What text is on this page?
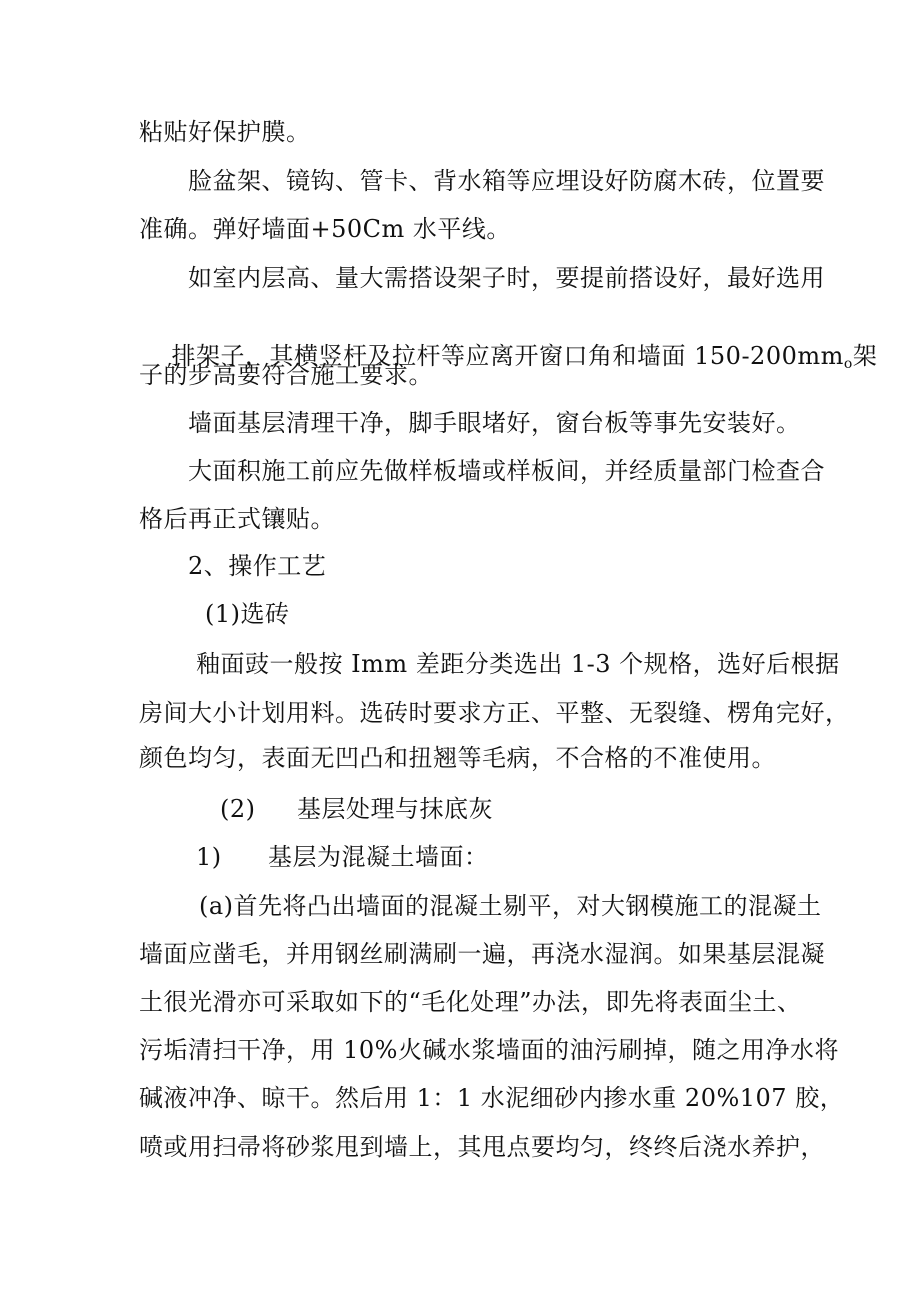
粘贴好保护膜。
脸盆架、镜钩、管卡、背水箱等应埋设好防腐木砖，位置要
准确。弹好墙面+50Cm 水平线。
如室内层高、量大需搭设架子时，要提前搭设好，最好选用

排架子，其横竖杆及拉杆等应离开窗口角和墙面 $150-200mm_o$架

子的步高要符合施工要求。
墙面基层清理干净，脚手眼堵好，窗台板等事先安装好。
大面积施工前应先做样板墙或样板间，并经质量部门检查合
格后再正式镶贴。
2、操作工艺
(1)选砖
釉面豉一般按 Imm 差距分类选出 1-3 个规格，选好后根据
房间大小计划用料。选砖时要求方正、平整、无裂缝、楞角完好，
颜色均匀，表面无凹凸和扭翘等毛病，不合格的不准使用。
(2) 基层处理与抹底灰
1) 基层为混凝土墙面：
(a)首先将凸出墙面的混凝土剔平，对大钢模施工的混凝土
墙面应凿毛，并用钢丝刷满刷一遍，再浇水湿润。如果基层混凝
土很光滑亦可采取如下的“毛化处理”办法，即先将表面尘土、
污垢清扫干净，用 10%火碱水浆墙面的油污刷掉，随之用净水将
碱液冲净、晾干。然后用 1：1 水泥细砂内掺水重 20%107 胶，
喷或用扫帚将砂浆甩到墙上，其甩点要均匀，终终后浇水养护，
